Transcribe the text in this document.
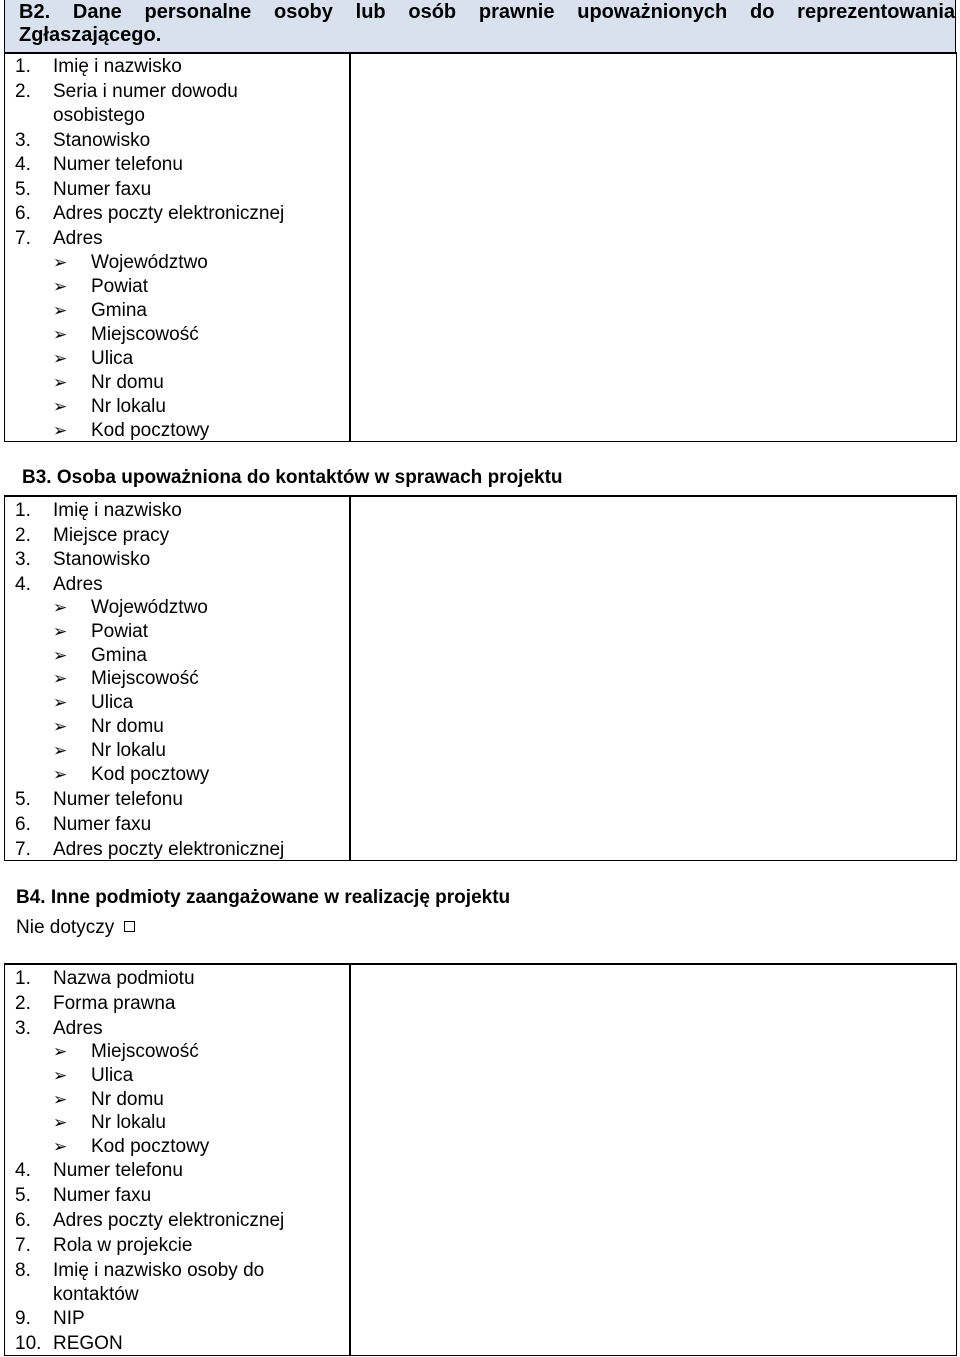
B2. Dane personalne osoby lub osób prawnie upoważnionych do reprezentowania
Zgłaszającego.
1. Imię i nazwisko
2. Seria i numer dowodu
osobistego
3. Stanowisko
4. Numer telefonu
5. Numer faxu
6. Adres poczty elektronicznej
7. Adres
➢ Województwo
➢ Powiat
➢ Gmina
➢ Miejscowość
➢ Ulica
➢ Nr domu
➢ Nr lokalu
➢ Kod pocztowy
B3. Osoba upoważniona do kontaktów w sprawach projektu
1. Imię i nazwisko
2. Miejsce pracy
3. Stanowisko
4. Adres
➢ Województwo
➢ Powiat
➢ Gmina
➢ Miejscowość
➢ Ulica
➢ Nr domu
➢ Nr lokalu
➢ Kod pocztowy
5. Numer telefonu
6. Numer faxu
7. Adres poczty elektronicznej
B4. Inne podmioty zaangażowane w realizację projektu
Nie dotyczy
1. Nazwa podmiotu
2. Forma prawna
3. Adres
➢ Miejscowość
➢ Ulica
➢ Nr domu
➢ Nr lokalu
➢ Kod pocztowy
4. Numer telefonu
5. Numer faxu
6. Adres poczty elektronicznej
7. Rola w projekcie
8. Imię i nazwisko osoby do
kontaktów
9. NIP
10. REGON
